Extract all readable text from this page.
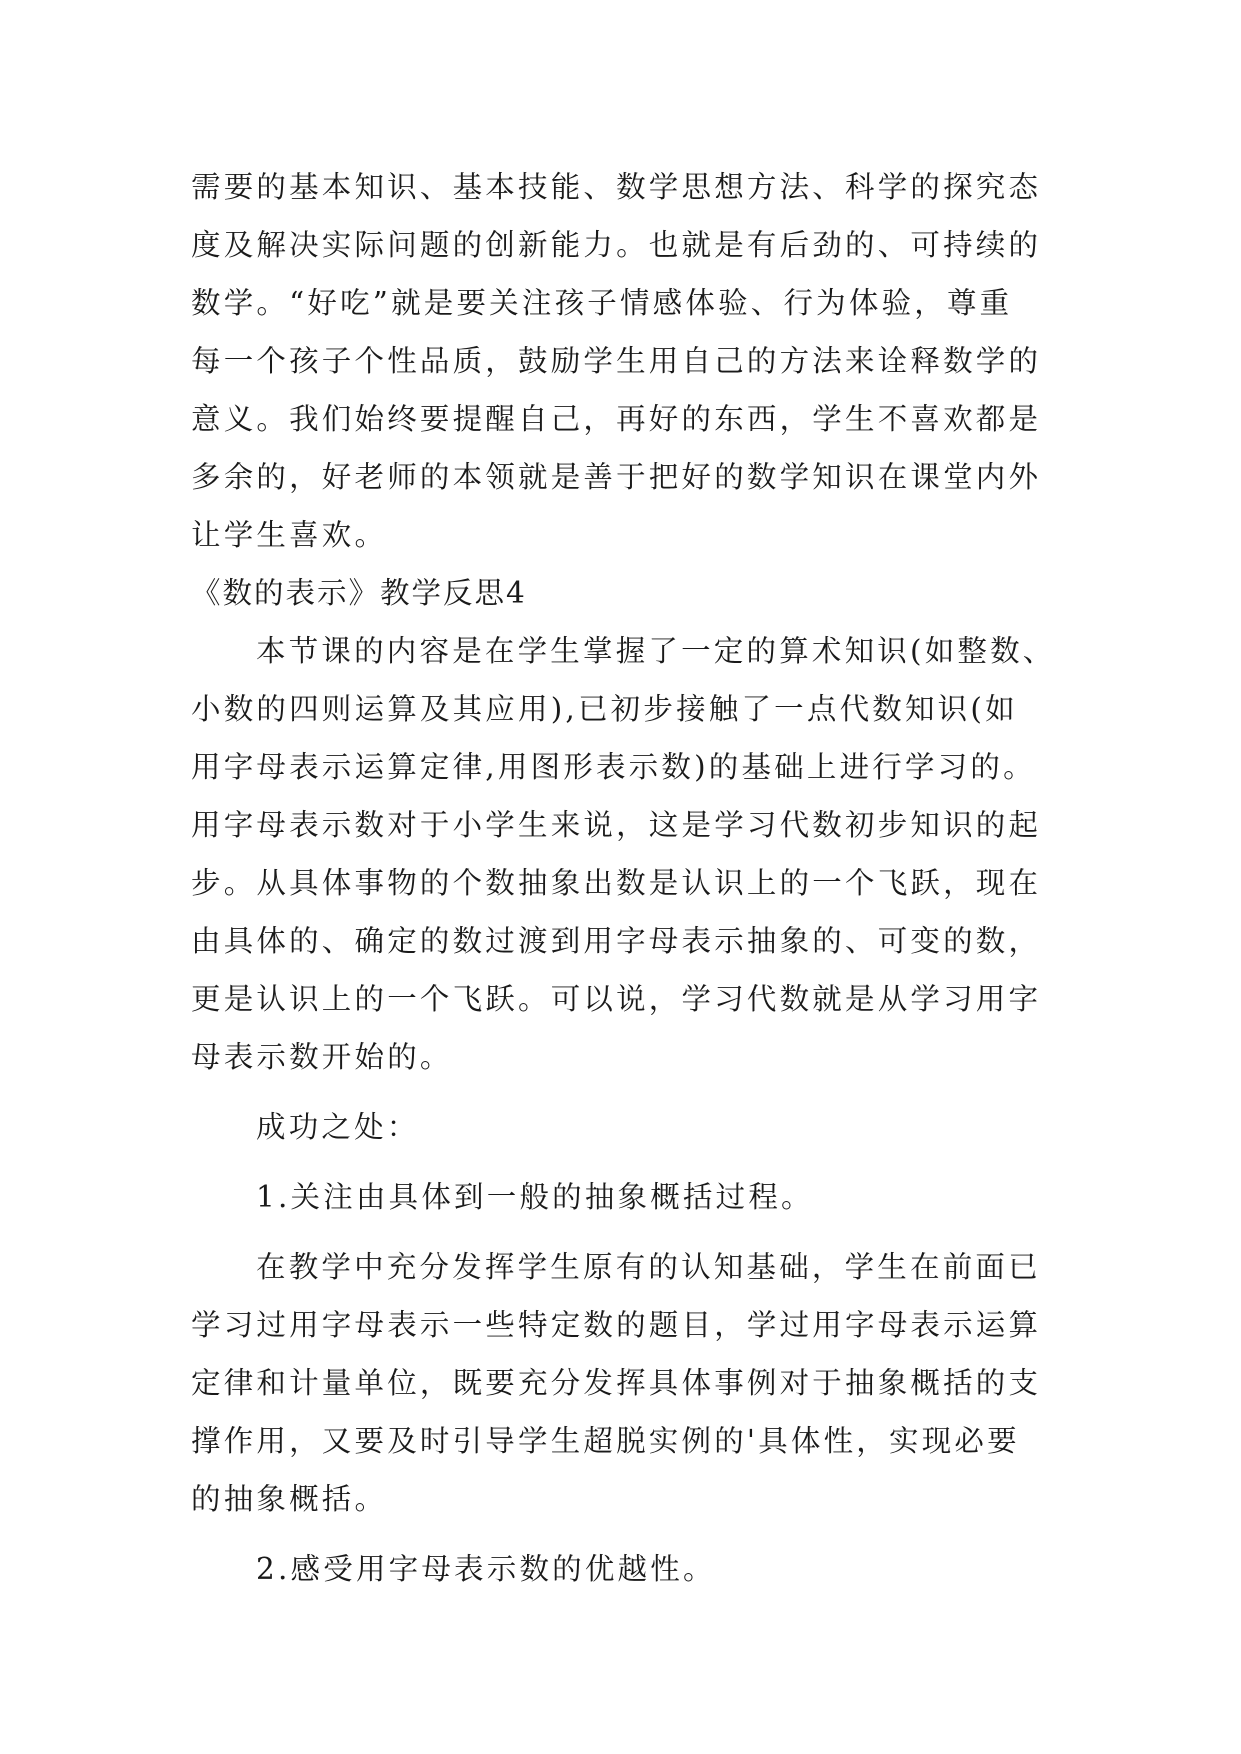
需要的基本知识、基本技能、数学思想方法、科学的探究态
度及解决实际问题的创新能力。也就是有后劲的、可持续的
数学。“好吃”就是要关注孩子情感体验、行为体验，尊重
每一个孩子个性品质，鼓励学生用自己的方法来诠释数学的
意义。我们始终要提醒自己，再好的东西，学生不喜欢都是
多余的，好老师的本领就是善于把好的数学知识在课堂内外
让学生喜欢。
《数的表示》教学反思4
本节课的内容是在学生掌握了一定的算术知识(如整数、
小数的四则运算及其应用),已初步接触了一点代数知识(如
用字母表示运算定律,用图形表示数)的基础上进行学习的。
用字母表示数对于小学生来说，这是学习代数初步知识的起
步。从具体事物的个数抽象出数是认识上的一个飞跃，现在
由具体的、确定的数过渡到用字母表示抽象的、可变的数，
更是认识上的一个飞跃。可以说，学习代数就是从学习用字
母表示数开始的。
成功之处：
1.关注由具体到一般的抽象概括过程。
在教学中充分发挥学生原有的认知基础，学生在前面已
学习过用字母表示一些特定数的题目，学过用字母表示运算
定律和计量单位，既要充分发挥具体事例对于抽象概括的支
撑作用，又要及时引导学生超脱实例的'具体性，实现必要
的抽象概括。
2.感受用字母表示数的优越性。
